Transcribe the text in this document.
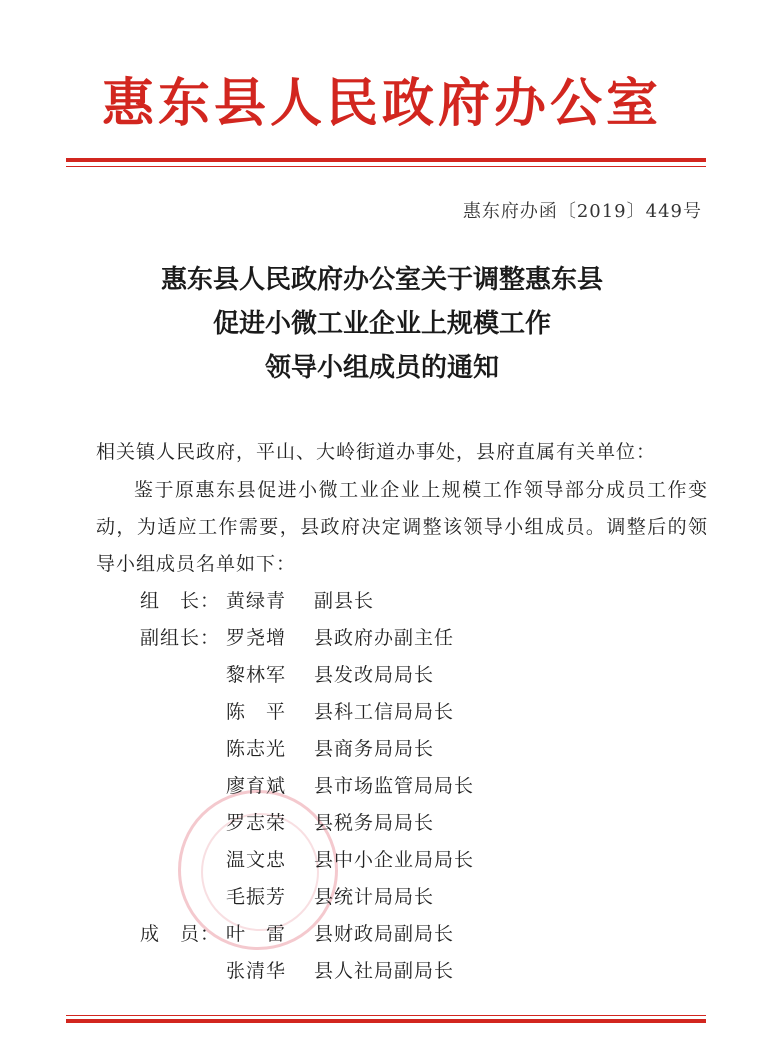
惠东县人民政府办公室
惠东府办函〔2019〕449号
惠东县人民政府办公室关于调整惠东县
促进小微工业企业上规模工作
领导小组成员的通知
相关镇人民政府，平山、大岭街道办事处，县府直属有关单位：
鉴于原惠东县促进小微工业企业上规模工作领导部分成员工作变动，为适应工作需要，县政府决定调整该领导小组成员。调整后的领导小组成员名单如下：
组　长： 黄绿青	副县长
副组长： 罗尧增	县政府办副主任
黎林军	县发改局局长
陈　平	县科工信局局长
陈志光	县商务局局长
廖育斌	县市场监管局局长
罗志荣	县税务局局长
温文忠	县中小企业局局长
毛振芳	县统计局局长
成　员： 叶　雷	县财政局副局长
张清华	县人社局副局长
